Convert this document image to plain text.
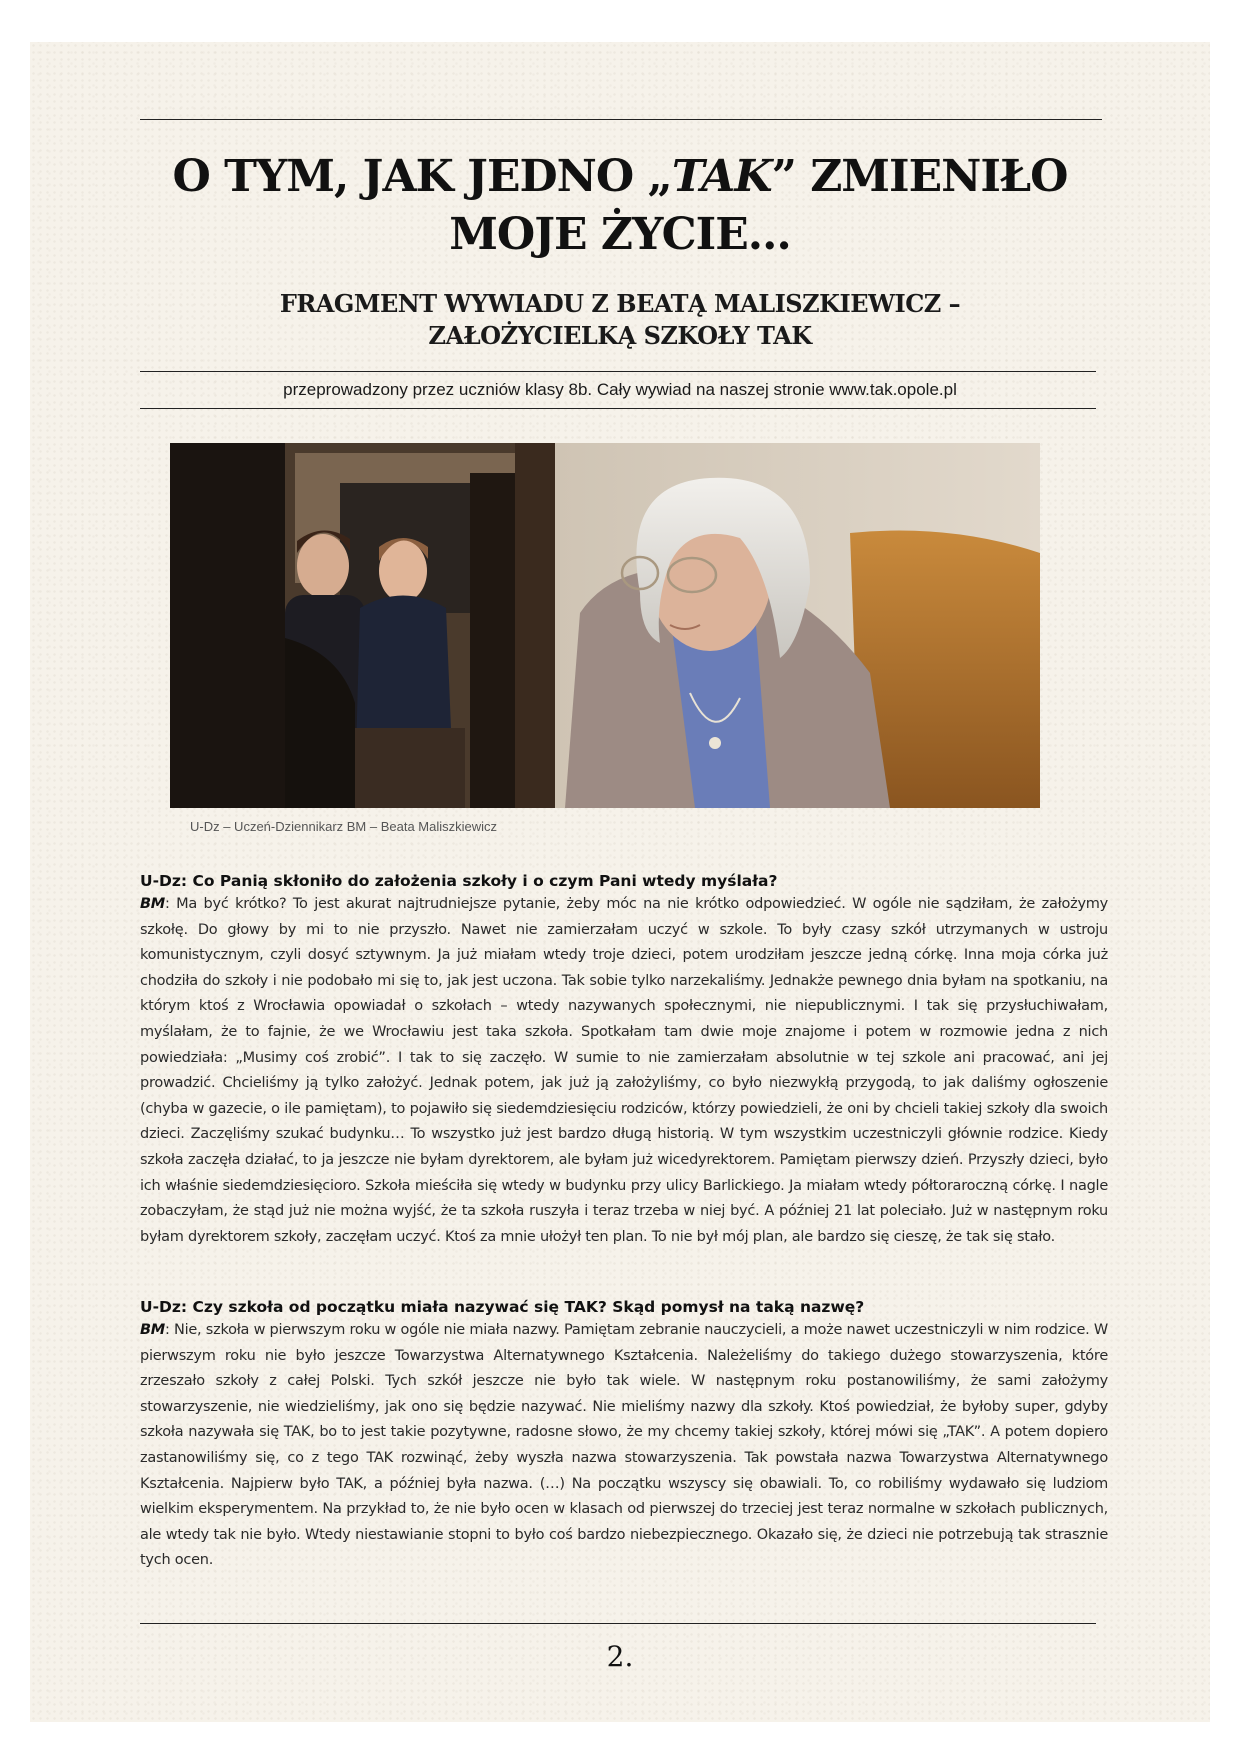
O TYM, JAK JEDNO „TAK” ZMIENIŁO
MOJE ŻYCIE…
FRAGMENT WYWIADU Z BEATĄ MALISZKIEWICZ –
ZAŁOŻYCIELKĄ SZKOŁY TAK

przeprowadzony przez uczniów klasy 8b. Cały wywiad na naszej stronie www.tak.opole.pl

U-Dz – Uczeń-Dziennikarz BM – Beata Maliszkiewicz

U-Dz: Co Panią skłoniło do założenia szkoły i o czym Pani wtedy myślała?

BM: Ma być krótko? To jest akurat najtrudniejsze pytanie, żeby móc na nie krótko odpowiedzieć. W ogóle nie sądziłam, że założymy szkołę. Do głowy by mi to nie przyszło. Nawet nie zamierzałam uczyć w szkole. To były czasy szkół utrzymanych w ustroju komunistycznym, czyli dosyć sztywnym. Ja już miałam wtedy troje dzieci, potem urodziłam jeszcze jedną córkę. Inna moja córka już chodziła do szkoły i nie podobało mi się to, jak jest uczona. Tak sobie tylko narzekaliśmy. Jednakże pewnego dnia byłam na spotkaniu, na którym ktoś z Wrocławia opowiadał o szkołach – wtedy nazywanych społecznymi, nie niepublicznymi. I tak się przysłuchiwałam, myślałam, że to fajnie, że we Wrocławiu jest taka szkoła. Spotkałam tam dwie moje znajome i potem w rozmowie jedna z nich powiedziała: „Musimy coś zrobić”. I tak to się zaczęło. W sumie to nie zamierzałam absolutnie w tej szkole ani pracować, ani jej prowadzić. Chcieliśmy ją tylko założyć. Jednak potem, jak już ją założyliśmy, co było niezwykłą przygodą, to jak daliśmy ogłoszenie (chyba w gazecie, o ile pamiętam), to pojawiło się siedemdziesięciu rodziców, którzy powiedzieli, że oni by chcieli takiej szkoły dla swoich dzieci. Zaczęliśmy szukać budynku… To wszystko już jest bardzo długą historią. W tym wszystkim uczestniczyli głównie rodzice. Kiedy szkoła zaczęła działać, to ja jeszcze nie byłam dyrektorem, ale byłam już wicedyrektorem. Pamiętam pierwszy dzień. Przyszły dzieci, było ich właśnie siedemdziesięcioro. Szkoła mieściła się wtedy w budynku przy ulicy Barlickiego. Ja miałam wtedy półtoraroczną córkę. I nagle zobaczyłam, że stąd już nie można wyjść, że ta szkoła ruszyła i teraz trzeba w niej być. A później 21 lat poleciało. Już w następnym roku byłam dyrektorem szkoły, zaczęłam uczyć. Ktoś za mnie ułożył ten plan. To nie był mój plan, ale bardzo się cieszę, że tak się stało.

U-Dz: Czy szkoła od początku miała nazywać się TAK? Skąd pomysł na taką nazwę?

BM: Nie, szkoła w pierwszym roku w ogóle nie miała nazwy. Pamiętam zebranie nauczycieli, a może nawet uczestniczyli w nim rodzice. W pierwszym roku nie było jeszcze Towarzystwa Alternatywnego Kształcenia. Należeliśmy do takiego dużego stowarzyszenia, które zrzeszało szkoły z całej Polski. Tych szkół jeszcze nie było tak wiele. W następnym roku postanowiliśmy, że sami założymy stowarzyszenie, nie wiedzieliśmy, jak ono się będzie nazywać. Nie mieliśmy nazwy dla szkoły. Ktoś powiedział, że byłoby super, gdyby szkoła nazywała się TAK, bo to jest takie pozytywne, radosne słowo, że my chcemy takiej szkoły, której mówi się „TAK”. A potem dopiero zastanowiliśmy się, co z tego TAK rozwinąć, żeby wyszła nazwa stowarzyszenia. Tak powstała nazwa Towarzystwa Alternatywnego Kształcenia. Najpierw było TAK, a później była nazwa. (…) Na początku wszyscy się obawiali. To, co robiliśmy wydawało się ludziom wielkim eksperymentem. Na przykład to, że nie było ocen w klasach od pierwszej do trzeciej jest teraz normalne w szkołach publicznych, ale wtedy tak nie było. Wtedy niestawianie stopni to było coś bardzo niebezpiecznego. Okazało się, że dzieci nie potrzebują tak strasznie tych ocen.

2.
